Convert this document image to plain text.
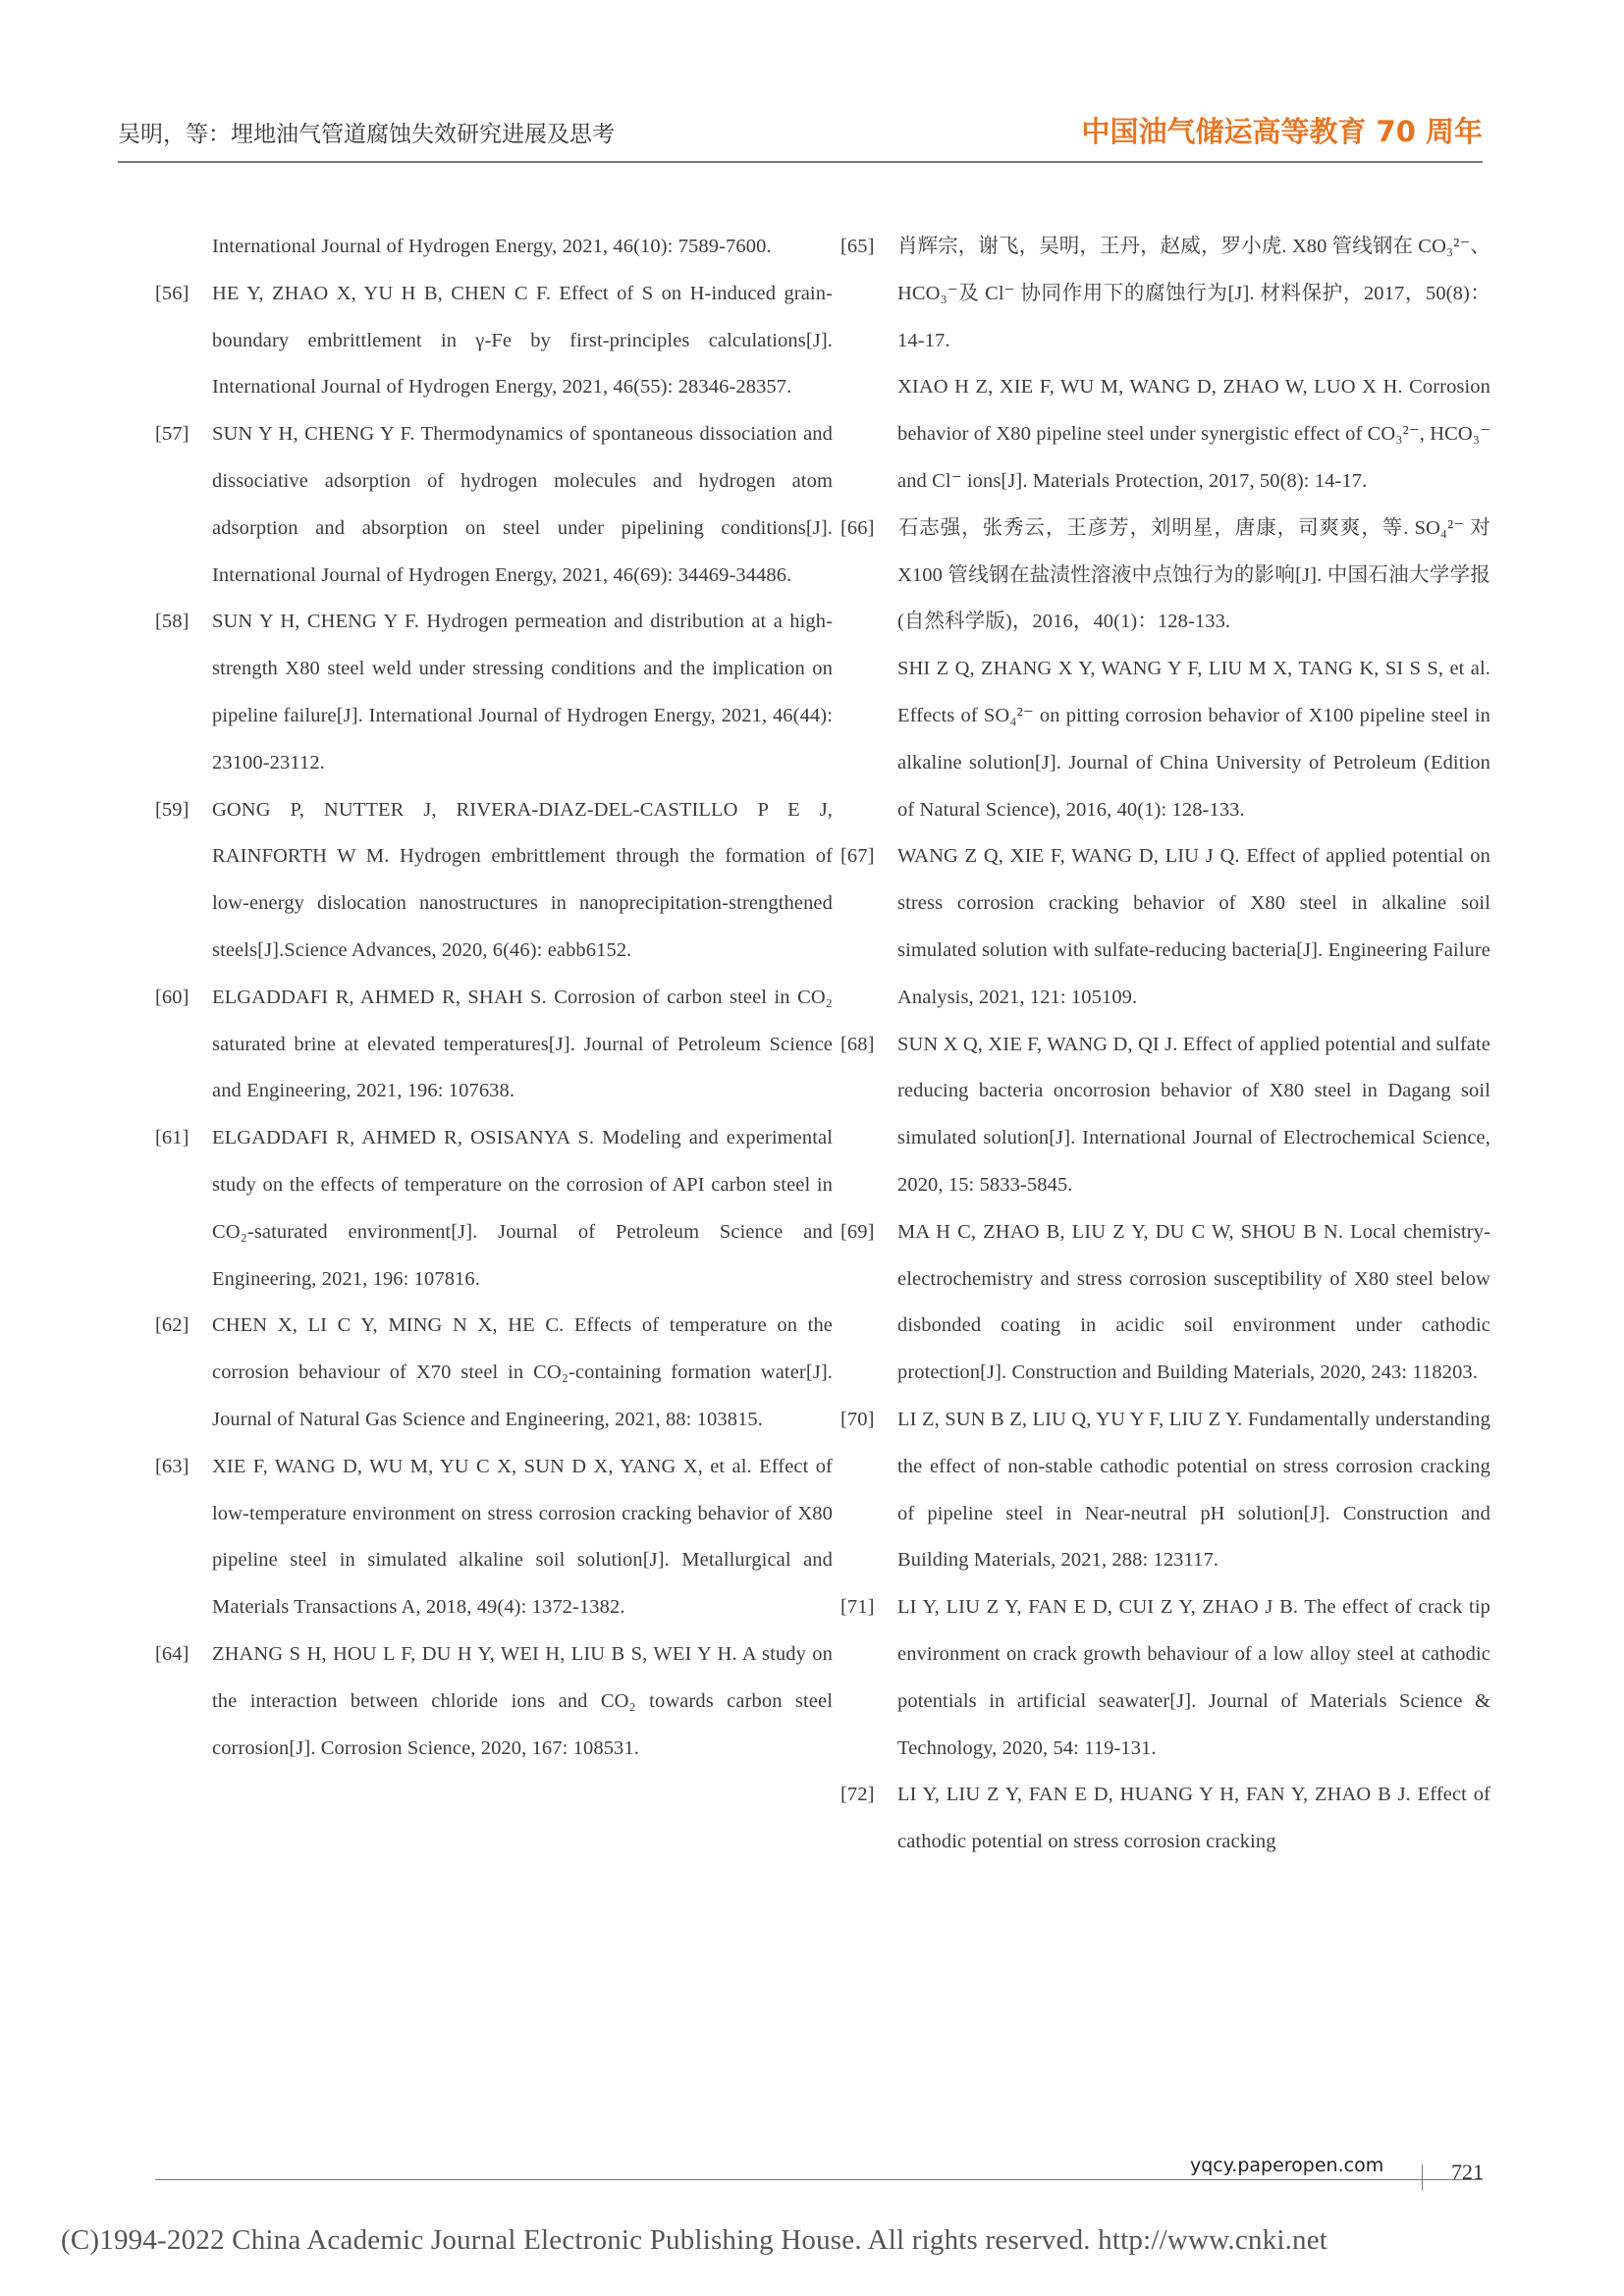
吴明，等：埋地油气管道腐蚀失效研究进展及思考	中国油气储运高等教育 70 周年

International Journal of Hydrogen Energy, 2021, 46(10): 7589-7600.

[56] HE Y, ZHAO X, YU H B, CHEN C F. Effect of S on H-induced grain-boundary embrittlement in γ-Fe by first-principles calculations[J]. International Journal of Hydrogen Energy, 2021, 46(55): 28346-28357.

[57] SUN Y H, CHENG Y F. Thermodynamics of spontaneous dissociation and dissociative adsorption of hydrogen molecules and hydrogen atom adsorption and absorption on steel under pipelining conditions[J]. International Journal of Hydrogen Energy, 2021, 46(69): 34469-34486.

[58] SUN Y H, CHENG Y F. Hydrogen permeation and distribution at a high-strength X80 steel weld under stressing conditions and the implication on pipeline failure[J]. International Journal of Hydrogen Energy, 2021, 46(44): 23100-23112.

[59] GONG P, NUTTER J, RIVERA-DIAZ-DEL-CASTILLO P E J, RAINFORTH W M. Hydrogen embrittlement through the formation of low-energy dislocation nanostructures in nanoprecipitation-strengthened steels[J].Science Advances, 2020, 6(46): eabb6152.

[60] ELGADDAFI R, AHMED R, SHAH S. Corrosion of carbon steel in CO₂ saturated brine at elevated temperatures[J]. Journal of Petroleum Science and Engineering, 2021, 196: 107638.

[61] ELGADDAFI R, AHMED R, OSISANYA S. Modeling and experimental study on the effects of temperature on the corrosion of API carbon steel in CO₂-saturated environment[J]. Journal of Petroleum Science and Engineering, 2021, 196: 107816.

[62] CHEN X, LI C Y, MING N X, HE C. Effects of temperature on the corrosion behaviour of X70 steel in CO₂-containing formation water[J]. Journal of Natural Gas Science and Engineering, 2021, 88: 103815.

[63] XIE F, WANG D, WU M, YU C X, SUN D X, YANG X, et al. Effect of low-temperature environment on stress corrosion cracking behavior of X80 pipeline steel in simulated alkaline soil solution[J]. Metallurgical and Materials Transactions A, 2018, 49(4): 1372-1382.

[64] ZHANG S H, HOU L F, DU H Y, WEI H, LIU B S, WEI Y H. A study on the interaction between chloride ions and CO₂ towards carbon steel corrosion[J]. Corrosion Science, 2020, 167: 108531.

[65] 肖辉宗，谢飞，吴明，王丹，赵威，罗小虎. X80 管线钢在 CO₃²⁻、HCO₃⁻及 Cl⁻ 协同作用下的腐蚀行为[J]. 材料保护，2017，50(8)：14-17.

XIAO H Z, XIE F, WU M, WANG D, ZHAO W, LUO X H. Corrosion behavior of X80 pipeline steel under synergistic effect of CO₃²⁻, HCO₃⁻ and Cl⁻ ions[J]. Materials Protection, 2017, 50(8): 14-17.

[66] 石志强，张秀云，王彦芳，刘明星，唐康，司爽爽，等. SO₄²⁻ 对 X100 管线钢在盐渍性溶液中点蚀行为的影响[J]. 中国石油大学学报(自然科学版)，2016，40(1)：128-133.

SHI Z Q, ZHANG X Y, WANG Y F, LIU M X, TANG K, SI S S, et al. Effects of SO₄²⁻ on pitting corrosion behavior of X100 pipeline steel in alkaline solution[J]. Journal of China University of Petroleum (Edition of Natural Science), 2016, 40(1): 128-133.

[67] WANG Z Q, XIE F, WANG D, LIU J Q. Effect of applied potential on stress corrosion cracking behavior of X80 steel in alkaline soil simulated solution with sulfate-reducing bacteria[J]. Engineering Failure Analysis, 2021, 121: 105109.

[68] SUN X Q, XIE F, WANG D, QI J. Effect of applied potential and sulfate reducing bacteria oncorrosion behavior of X80 steel in Dagang soil simulated solution[J]. International Journal of Electrochemical Science, 2020, 15: 5833-5845.

[69] MA H C, ZHAO B, LIU Z Y, DU C W, SHOU B N. Local chemistry-electrochemistry and stress corrosion susceptibility of X80 steel below disbonded coating in acidic soil environment under cathodic protection[J]. Construction and Building Materials, 2020, 243: 118203.

[70] LI Z, SUN B Z, LIU Q, YU Y F, LIU Z Y. Fundamentally understanding the effect of non-stable cathodic potential on stress corrosion cracking of pipeline steel in Near-neutral pH solution[J]. Construction and Building Materials, 2021, 288: 123117.

[71] LI Y, LIU Z Y, FAN E D, CUI Z Y, ZHAO J B. The effect of crack tip environment on crack growth behaviour of a low alloy steel at cathodic potentials in artificial seawater[J]. Journal of Materials Science & Technology, 2020, 54: 119-131.

[72] LI Y, LIU Z Y, FAN E D, HUANG Y H, FAN Y, ZHAO B J. Effect of cathodic potential on stress corrosion cracking

yqcy.paperopen.com	721
(C)1994-2022 China Academic Journal Electronic Publishing House. All rights reserved. http://www.cnki.net
